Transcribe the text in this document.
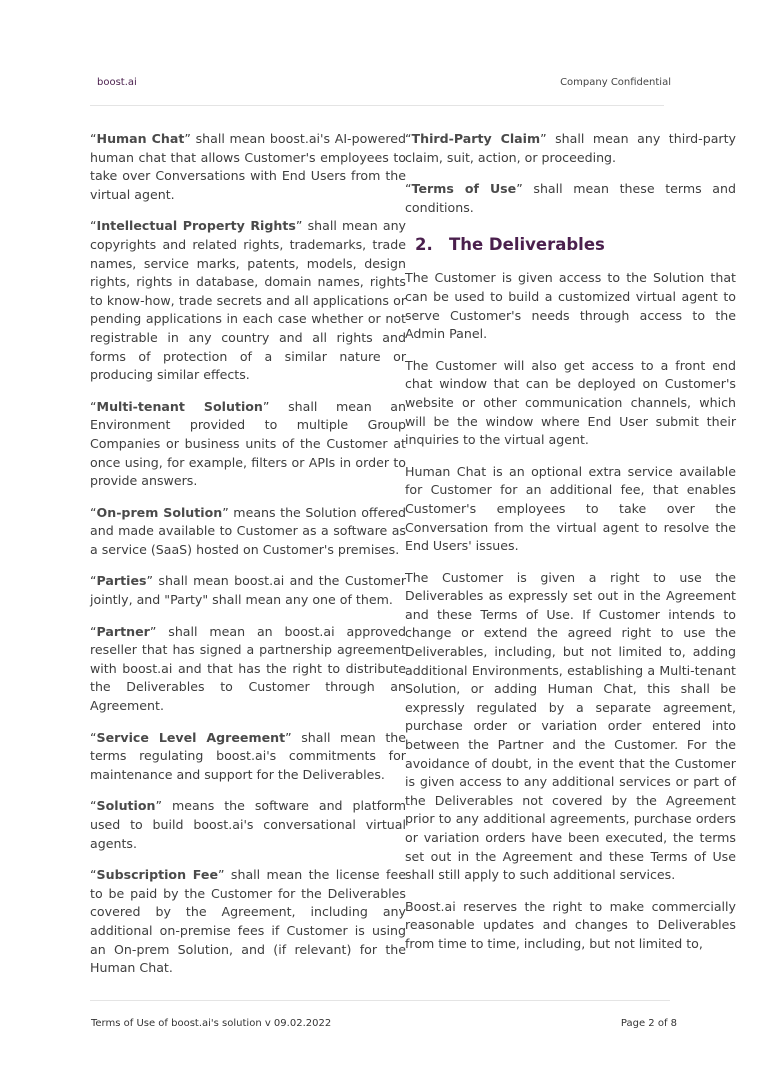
boost.ai	Company Confidential

“Human Chat” shall mean boost.ai's AI-powered human chat that allows Customer's employees to take over Conversations with End Users from the virtual agent.

“Intellectual Property Rights” shall mean any copyrights and related rights, trademarks, trade names, service marks, patents, models, design rights, rights in database, domain names, rights to know-how, trade secrets and all applications or pending applications in each case whether or not registrable in any country and all rights and forms of protection of a similar nature or producing similar effects.

“Multi-tenant Solution” shall mean an Environment provided to multiple Group Companies or business units of the Customer at once using, for example, filters or APIs in order to provide answers.

“On-prem Solution” means the Solution offered and made available to Customer as a software as a service (SaaS) hosted on Customer's premises.

“Parties” shall mean boost.ai and the Customer jointly, and "Party" shall mean any one of them.

“Partner” shall mean an boost.ai approved reseller that has signed a partnership agreement with boost.ai and that has the right to distribute the Deliverables to Customer through an Agreement.

“Service Level Agreement” shall mean the terms regulating boost.ai's commitments for maintenance and support for the Deliverables.

“Solution” means the software and platform used to build boost.ai's conversational virtual agents.

“Subscription Fee” shall mean the license fee to be paid by the Customer for the Deliverables covered by the Agreement, including any additional on-premise fees if Customer is using an On-prem Solution, and (if relevant) for the Human Chat.

“Third-Party Claim” shall mean any third-party claim, suit, action, or proceeding.

“Terms of Use” shall mean these terms and conditions.

2. The Deliverables

The Customer is given access to the Solution that can be used to build a customized virtual agent to serve Customer's needs through access to the Admin Panel.

The Customer will also get access to a front end chat window that can be deployed on Customer's website or other communication channels, which will be the window where End User submit their inquiries to the virtual agent.

Human Chat is an optional extra service available for Customer for an additional fee, that enables Customer's employees to take over the Conversation from the virtual agent to resolve the End Users' issues.

The Customer is given a right to use the Deliverables as expressly set out in the Agreement and these Terms of Use. If Customer intends to change or extend the agreed right to use the Deliverables, including, but not limited to, adding additional Environments, establishing a Multi-tenant Solution, or adding Human Chat, this shall be expressly regulated by a separate agreement, purchase order or variation order entered into between the Partner and the Customer. For the avoidance of doubt, in the event that the Customer is given access to any additional services or part of the Deliverables not covered by the Agreement prior to any additional agreements, purchase orders or variation orders have been executed, the terms set out in the Agreement and these Terms of Use shall still apply to such additional services.

Boost.ai reserves the right to make commercially reasonable updates and changes to Deliverables from time to time, including, but not limited to,

Terms of Use of boost.ai's solution v 09.02.2022	Page 2 of 8
